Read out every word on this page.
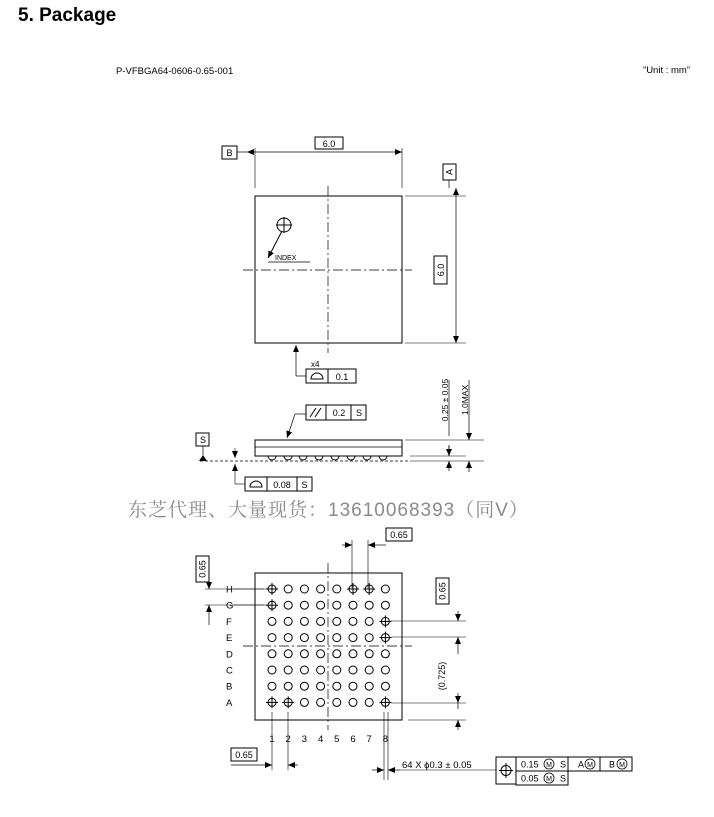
5. Package
P-VFBGA64-0606-0.65-001	”Unit : mm”
6.0
B
A
6.0
INDEX
x4
0.1
S
0.2 S
0.08 S
0.25 ± 0.05 1.0MAX
0.65
0.65
0.65
(0.725)
0.65
64 X ϕ0.3 ± 0.05	0.15 M S A M B M
0.05 M S
H
G
F
E
D
C
B
A
1 2 3 4 5 6 7 8
东芝代理、大量现货：13610068393（同V）
